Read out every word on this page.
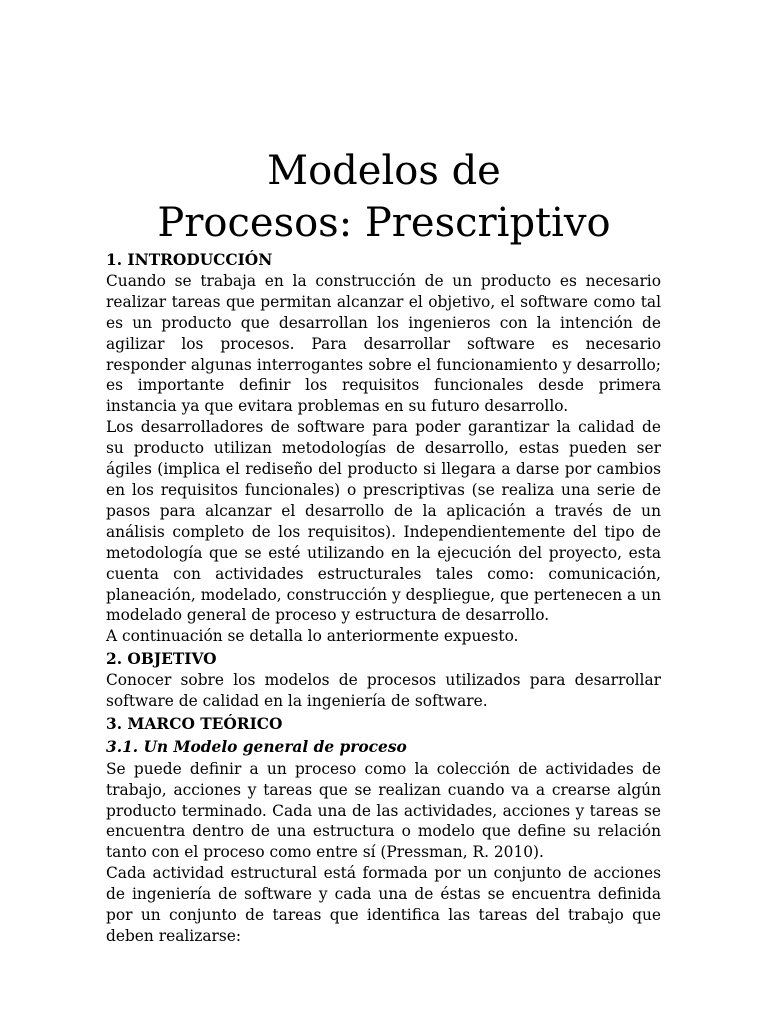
Modelos de
Procesos: Prescriptivo
1. INTRODUCCIÓN

Cuando se trabaja en la construcción de un producto es necesario realizar tareas que permitan alcanzar el objetivo, el software como tal es un producto que desarrollan los ingenieros con la intención de agilizar los procesos. Para desarrollar software es necesario responder algunas interrogantes sobre el funcionamiento y desarrollo; es importante definir los requisitos funcionales desde primera instancia ya que evitara problemas en su futuro desarrollo.

Los desarrolladores de software para poder garantizar la calidad de su producto utilizan metodologías de desarrollo, estas pueden ser ágiles (implica el rediseño del producto si llegara a darse por cambios en los requisitos funcionales) o prescriptivas (se realiza una serie de pasos para alcanzar el desarrollo de la aplicación a través de un análisis completo de los requisitos). Independientemente del tipo de metodología que se esté utilizando en la ejecución del proyecto, esta cuenta con actividades estructurales tales como: comunicación, planeación, modelado, construcción y despliegue, que pertenecen a un modelado general de proceso y estructura de desarrollo.

A continuación se detalla lo anteriormente expuesto.

2. OBJETIVO

Conocer sobre los modelos de procesos utilizados para desarrollar software de calidad en la ingeniería de software.

3. MARCO TEÓRICO
3.1. Un Modelo general de proceso

Se puede definir a un proceso como la colección de actividades de trabajo, acciones y tareas que se realizan cuando va a crearse algún producto terminado. Cada una de las actividades, acciones y tareas se encuentra dentro de una estructura o modelo que define su relación tanto con el proceso como entre sí (Pressman, R. 2010).

Cada actividad estructural está formada por un conjunto de acciones de ingeniería de software y cada una de éstas se encuentra definida por un conjunto de tareas que identifica las tareas del trabajo que deben realizarse:
